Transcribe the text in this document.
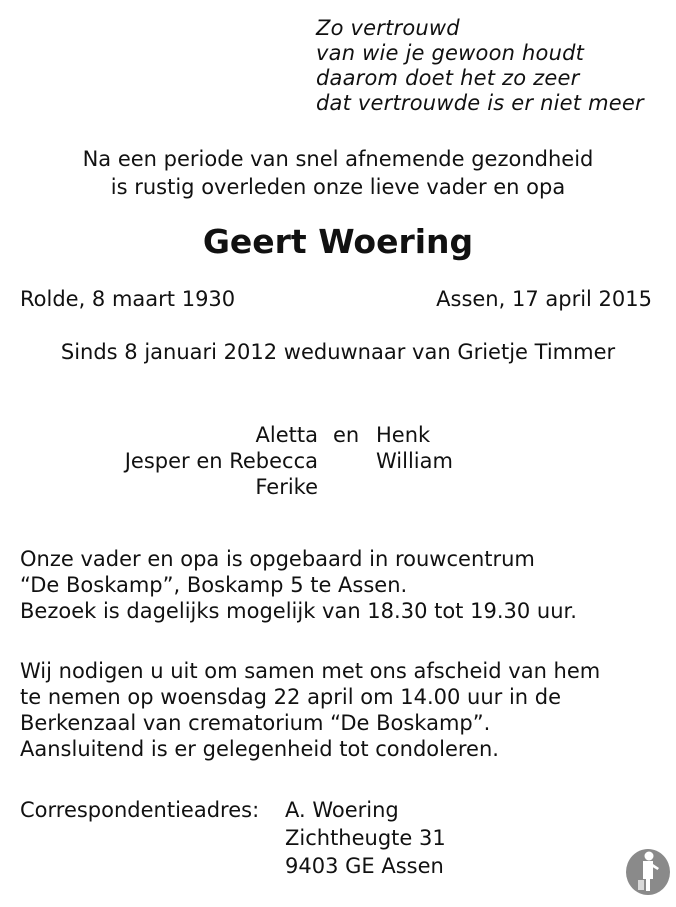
Zo vertrouwd
van wie je gewoon houdt
daarom doet het zo zeer
dat vertrouwde is er niet meer
Na een periode van snel afnemende gezondheid
is rustig overleden onze lieve vader en opa
Geert Woering
Rolde, 8 maart 1930	Assen, 17 april 2015
Sinds 8 januari 2012 weduwnaar van Grietje Timmer
Aletta
Jesper en Rebecca
Ferike
en Henk
William
Onze vader en opa is opgebaard in rouwcentrum
“De Boskamp”, Boskamp 5 te Assen.
Bezoek is dagelijks mogelijk van 18.30 tot 19.30 uur.
Wij nodigen u uit om samen met ons afscheid van hem
te nemen op woensdag 22 april om 14.00 uur in de
Berkenzaal van crematorium “De Boskamp”.
Aansluitend is er gelegenheid tot condoleren.
Correspondentieadres: A. Woering
Zichtheugte 31
9403 GE Assen
